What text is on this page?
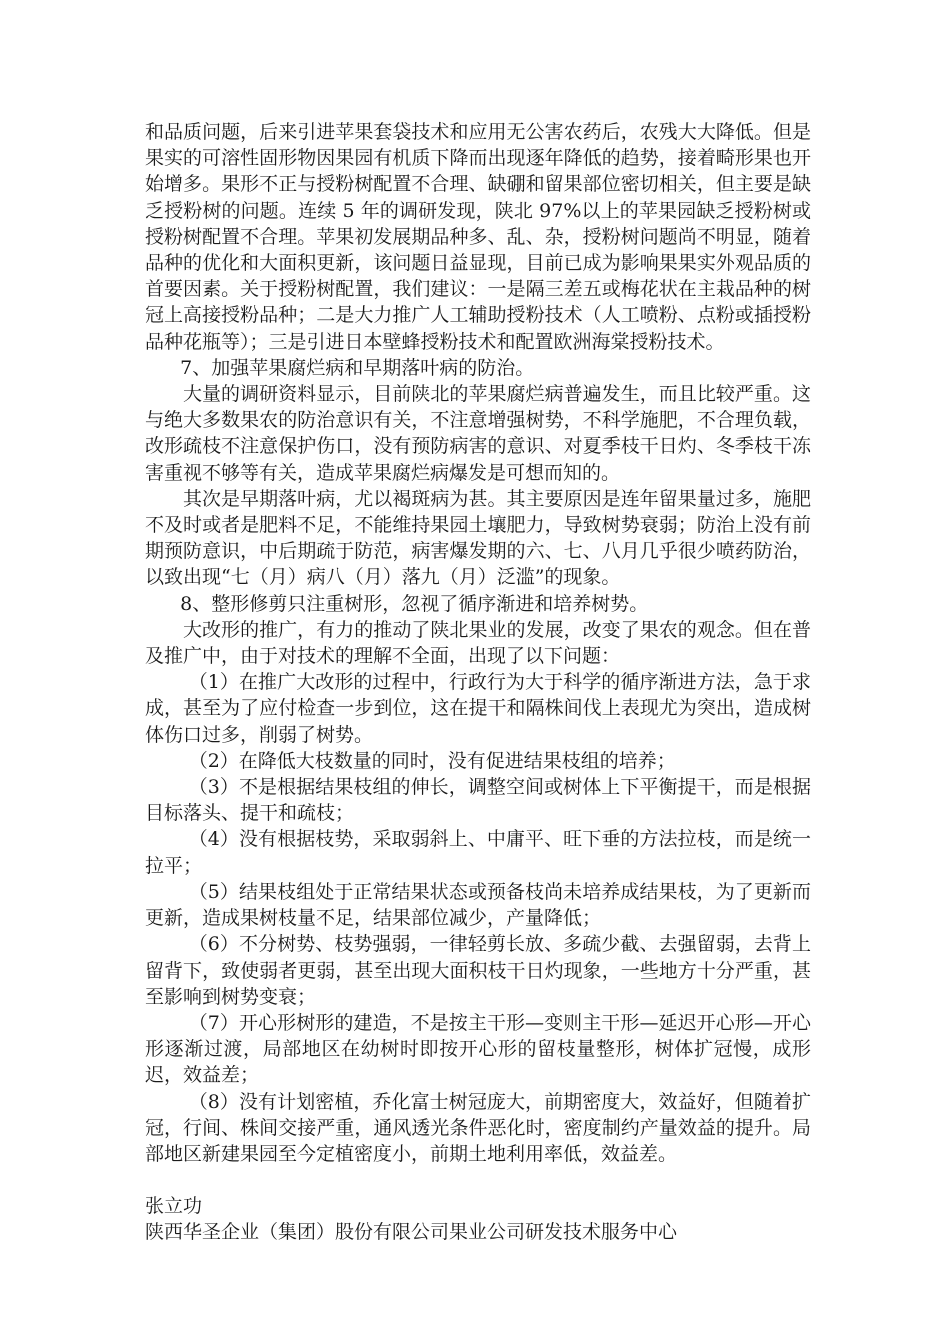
和品质问题，后来引进苹果套袋技术和应用无公害农药后，农残大大降低。但是果实的可溶性固形物因果园有机质下降而出现逐年降低的趋势，接着畸形果也开始增多。果形不正与授粉树配置不合理、缺硼和留果部位密切相关，但主要是缺乏授粉树的问题。连续 5 年的调研发现，陕北 97%以上的苹果园缺乏授粉树或授粉树配置不合理。苹果初发展期品种多、乱、杂，授粉树问题尚不明显，随着品种的优化和大面积更新，该问题日益显现，目前已成为影响果果实外观品质的首要因素。关于授粉树配置，我们建议：一是隔三差五或梅花状在主栽品种的树冠上高接授粉品种；二是大力推广人工辅助授粉技术（人工喷粉、点粉或插授粉品种花瓶等）；三是引进日本壁蜂授粉技术和配置欧洲海棠授粉技术。

7、加强苹果腐烂病和早期落叶病的防治。

大量的调研资料显示，目前陕北的苹果腐烂病普遍发生，而且比较严重。这与绝大多数果农的防治意识有关，不注意增强树势，不科学施肥，不合理负载，改形疏枝不注意保护伤口，没有预防病害的意识、对夏季枝干日灼、冬季枝干冻害重视不够等有关，造成苹果腐烂病爆发是可想而知的。

其次是早期落叶病，尤以褐斑病为甚。其主要原因是连年留果量过多，施肥不及时或者是肥料不足，不能维持果园土壤肥力，导致树势衰弱；防治上没有前期预防意识，中后期疏于防范，病害爆发期的六、七、八月几乎很少喷药防治，以致出现“七（月）病八（月）落九（月）泛滥”的现象。

8、整形修剪只注重树形，忽视了循序渐进和培养树势。

大改形的推广，有力的推动了陕北果业的发展，改变了果农的观念。但在普及推广中，由于对技术的理解不全面，出现了以下问题：

（1）在推广大改形的过程中，行政行为大于科学的循序渐进方法，急于求成，甚至为了应付检查一步到位，这在提干和隔株间伐上表现尤为突出，造成树体伤口过多，削弱了树势。

（2）在降低大枝数量的同时，没有促进结果枝组的培养；

（3）不是根据结果枝组的伸长，调整空间或树体上下平衡提干，而是根据目标落头、提干和疏枝；

（4）没有根据枝势，采取弱斜上、中庸平、旺下垂的方法拉枝，而是统一拉平；

（5）结果枝组处于正常结果状态或预备枝尚未培养成结果枝，为了更新而更新，造成果树枝量不足，结果部位减少，产量降低；

（6）不分树势、枝势强弱，一律轻剪长放、多疏少截、去强留弱，去背上留背下，致使弱者更弱，甚至出现大面积枝干日灼现象，一些地方十分严重，甚至影响到树势变衰；

（7）开心形树形的建造，不是按主干形—变则主干形—延迟开心形—开心形逐渐过渡，局部地区在幼树时即按开心形的留枝量整形，树体扩冠慢，成形迟，效益差；

（8）没有计划密植，乔化富士树冠庞大，前期密度大，效益好，但随着扩冠，行间、株间交接严重，通风透光条件恶化时，密度制约产量效益的提升。局部地区新建果园至今定植密度小，前期土地利用率低，效益差。

张立功

陕西华圣企业（集团）股份有限公司果业公司研发技术服务中心
